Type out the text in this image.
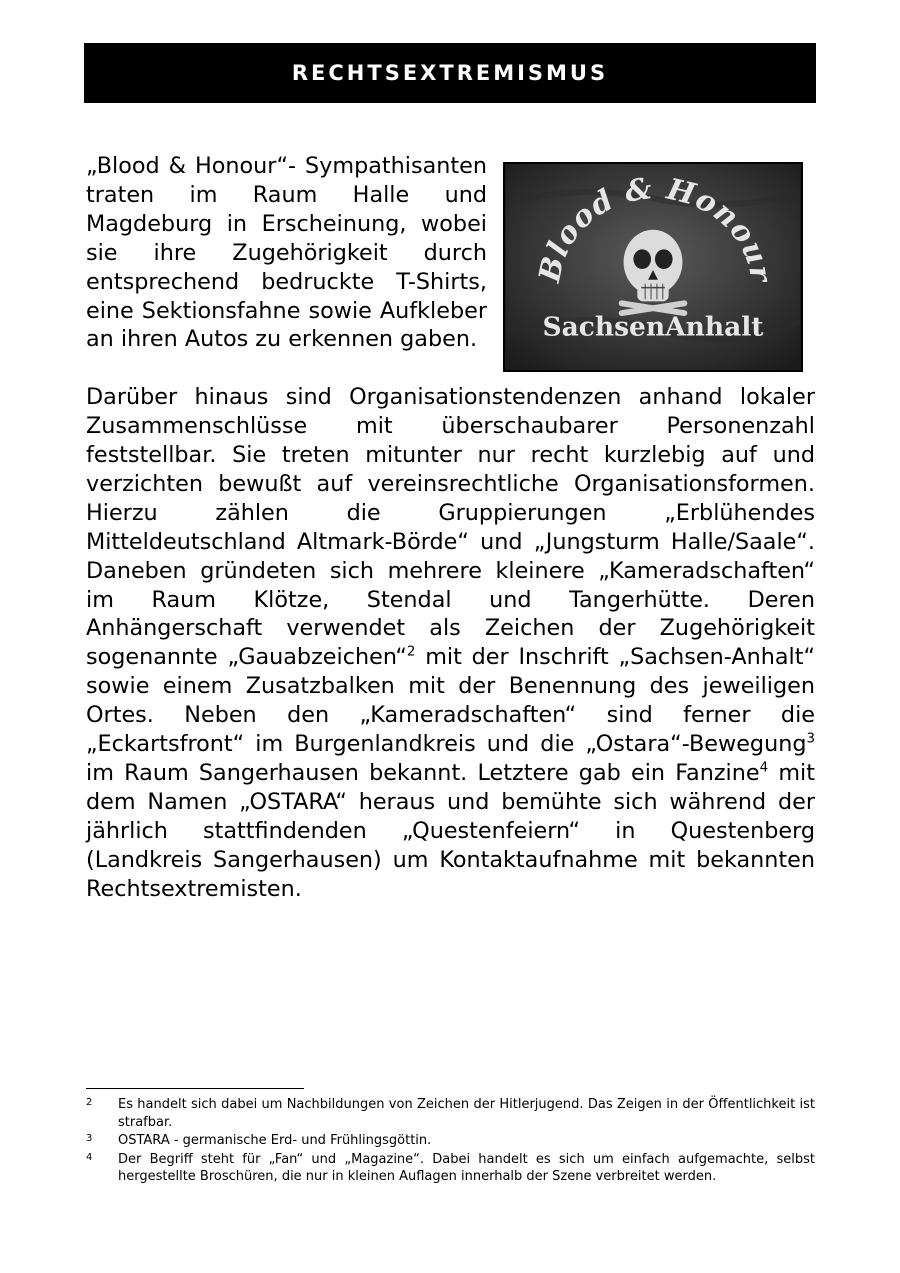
RECHTSEXTREMISMUS
Blood & Honour
SachsenAnhalt

„Blood & Honour“- Sympathisanten traten im Raum Halle und Magdeburg in Erscheinung, wobei sie ihre Zugehörigkeit durch entsprechend bedruckte T-Shirts, eine Sektionsfahne sowie Aufkleber an ihren Autos zu erkennen gaben.

Darüber hinaus sind Organisationstendenzen anhand lokaler Zusammenschlüsse mit überschaubarer Personenzahl feststellbar. Sie treten mitunter nur recht kurzlebig auf und verzichten bewußt auf vereinsrechtliche Organisationsformen. Hierzu zählen die Gruppierungen „Erblühendes Mitteldeutschland Altmark-Börde“ und „Jungsturm Halle/Saale“. Daneben gründeten sich mehrere kleinere „Kameradschaften“ im Raum Klötze, Stendal und Tangerhütte. Deren Anhängerschaft verwendet als Zeichen der Zugehörigkeit sogenannte „Gauabzeichen“$^2$ mit der Inschrift „Sachsen-Anhalt“ sowie einem Zusatzbalken mit der Benennung des jeweiligen Ortes. Neben den „Kameradschaften“ sind ferner die „Eckartsfront“ im Burgenlandkreis und die „Ostara“-Bewegung$^3$ im Raum Sangerhausen bekannt. Letztere gab ein Fanzine$^4$ mit dem Namen „OSTARA“ heraus und bemühte sich während der jährlich stattfindenden „Questenfeiern“ in Questenberg (Landkreis Sangerhausen) um Kontaktaufnahme mit bekannten Rechtsextremisten.

2	Es handelt sich dabei um Nachbildungen von Zeichen der Hitlerjugend. Das Zeigen in der Öffentlichkeit ist strafbar.
3	OSTARA - germanische Erd- und Frühlingsgöttin.
4	Der Begriff steht für „Fan“ und „Magazine“. Dabei handelt es sich um einfach aufgemachte, selbst hergestellte Broschüren, die nur in kleinen Auflagen innerhalb der Szene verbreitet werden.
